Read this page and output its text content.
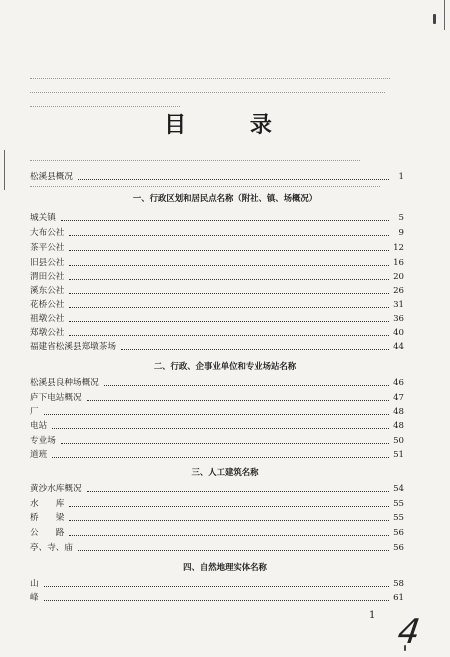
目 录
松溪县概况	1
一、行政区划和居民点名称（附社、镇、场概况）
城关镇	5
大布公社	9
茶平公社	12
旧县公社	16
渭田公社	20
溪东公社	26
花桥公社	31
祖墩公社	36
郑墩公社	40
福建省松溪县郑墩茶场	44
二、行政、企事业单位和专业场站名称
松溪县良种场概况	46
庐下电站概况	47
厂	48
电站	48
专业场	50
道班	51
三、人工建筑名称
黄沙水库概况	54
水　　库	55
桥　　梁	55
公　　路	56
亭、寺、庙	56
四、自然地理实体名称
山	58
峰	61
1 4
